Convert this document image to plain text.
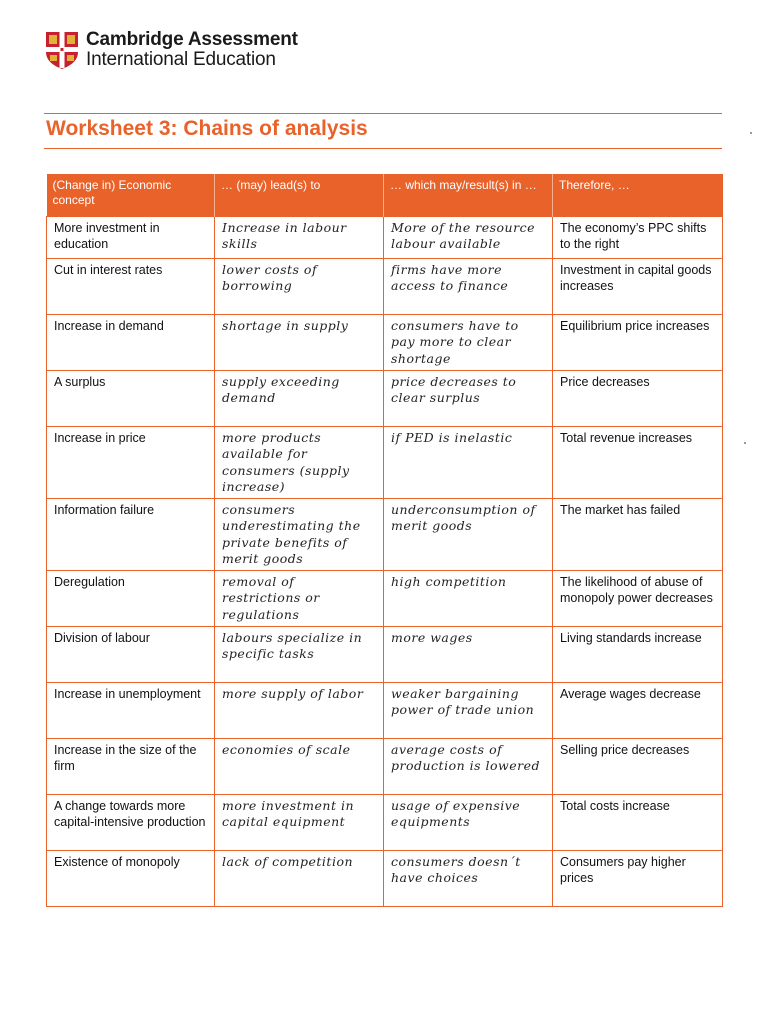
Cambridge Assessment
International Education
Worksheet 3: Chains of analysis
(Change in) Economic concept	… (may) lead(s) to	… which may/result(s) in …	Therefore, …
More investment in education	Increase in labour skills	More of the resource labour available	The economy’s PPC shifts to the right
Cut in interest rates	lower costs of borrowing	firms have more access to finance	Investment in capital goods increases
Increase in demand	shortage in supply	consumers have to pay more to clear shortage	Equilibrium price increases
A surplus	supply exceeding demand	price decreases to clear surplus	Price decreases
Increase in price	more products available for consumers (supply increase)	if PED is inelastic	Total revenue increases
Information failure	consumers underestimating the private benefits of merit goods	underconsumption of merit goods	The market has failed
Deregulation	removal of restrictions or regulations	high competition	The likelihood of abuse of monopoly power decreases
Division of labour	labours specialize in specific tasks	more wages	Living standards increase
Increase in unemployment	more supply of labor	weaker bargaining power of trade union	Average wages decrease
Increase in the size of the firm	economies of scale	average costs of production is lowered	Selling price decreases
A change towards more capital-intensive production	more investment in capital equipment	usage of expensive equipments	Total costs increase
Existence of monopoly	lack of competition	consumers doesn´t have choices	Consumers pay higher prices
